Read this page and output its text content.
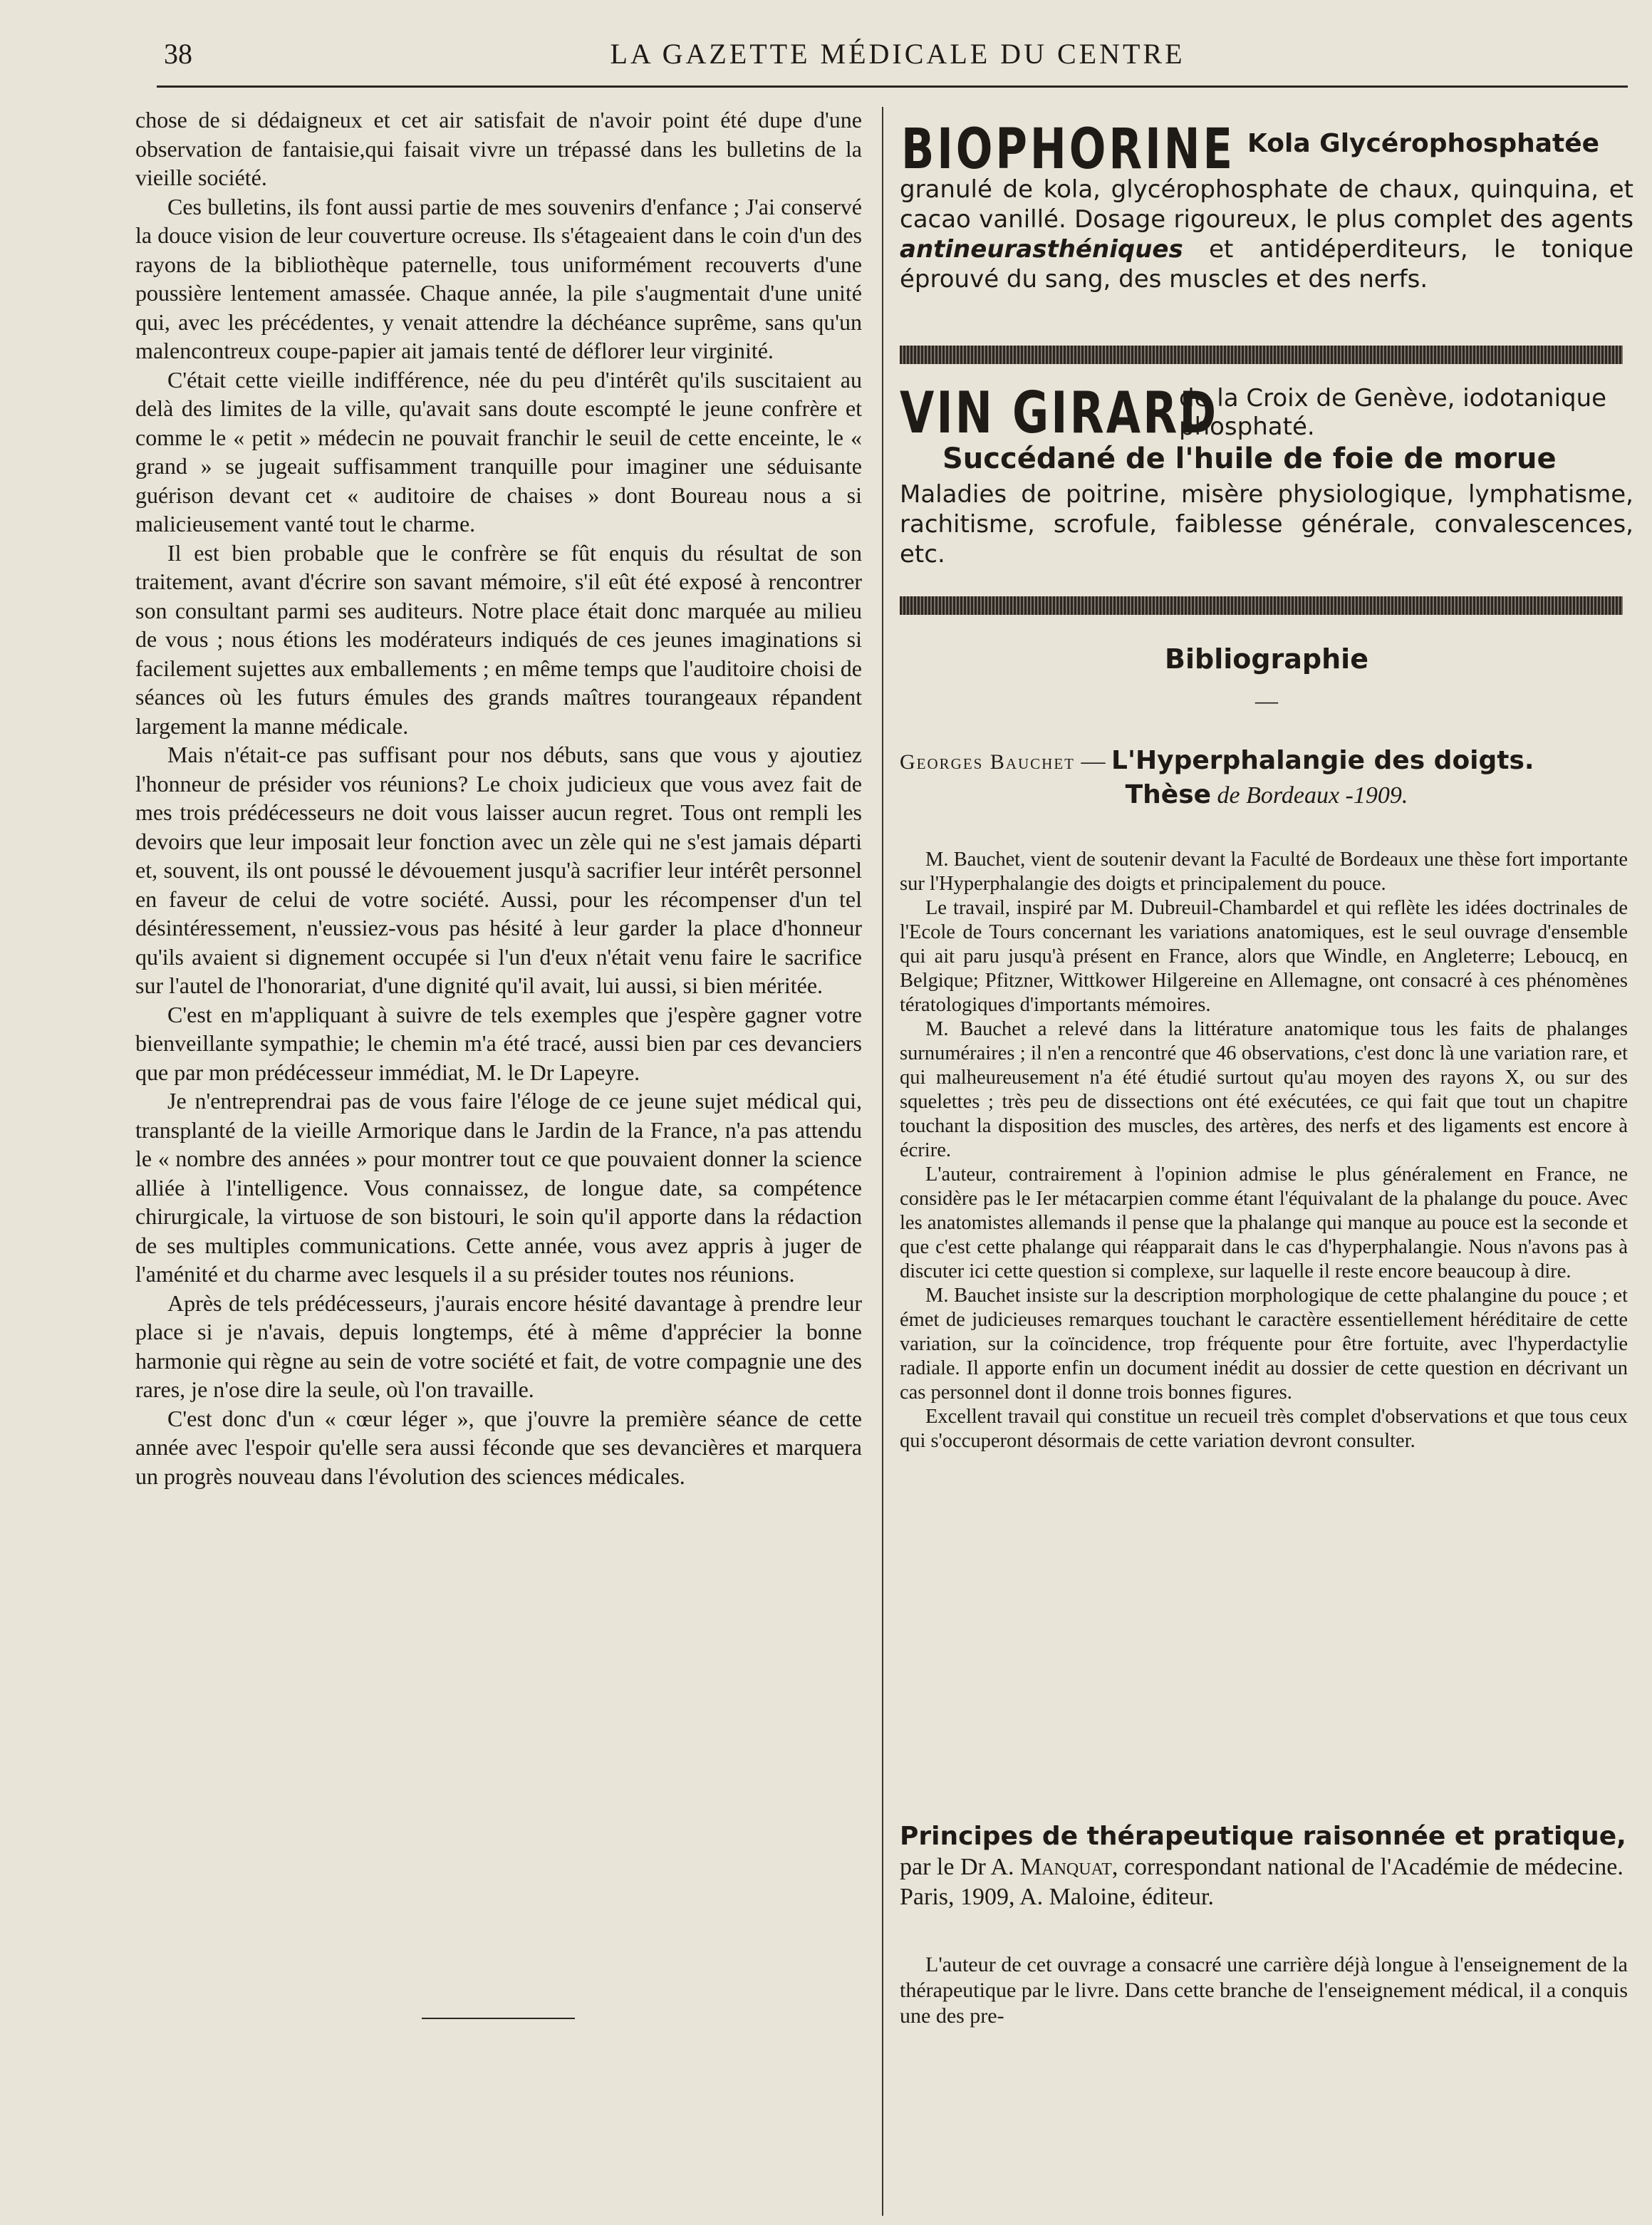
38	LA GAZETTE MÉDICALE DU CENTRE

chose de si dédaigneux et cet air satisfait de n'avoir point été dupe d'une observation de fantaisie,qui faisait vivre un trépassé dans les bulletins de la vieille société.

Ces bulletins, ils font aussi partie de mes souvenirs d'enfance ; J'ai conservé la douce vision de leur couverture ocreuse. Ils s'étageaient dans le coin d'un des rayons de la bibliothèque paternelle, tous uniformément recouverts d'une poussière lentement amassée. Chaque année, la pile s'augmentait d'une unité qui, avec les précédentes, y venait attendre la déchéance suprême, sans qu'un malencontreux coupe-papier ait jamais tenté de déflorer leur virginité.

C'était cette vieille indifférence, née du peu d'intérêt qu'ils suscitaient au delà des limites de la ville, qu'avait sans doute escompté le jeune confrère et comme le « petit » médecin ne pouvait franchir le seuil de cette enceinte, le « grand » se jugeait suffisamment tranquille pour imaginer une séduisante guérison devant cet « auditoire de chaises » dont Boureau nous a si malicieusement vanté tout le charme.

Il est bien probable que le confrère se fût enquis du résultat de son traitement, avant d'écrire son savant mémoire, s'il eût été exposé à rencontrer son consultant parmi ses auditeurs. Notre place était donc marquée au milieu de vous ; nous étions les modérateurs indiqués de ces jeunes imaginations si facilement sujettes aux emballements ; en même temps que l'auditoire choisi de séances où les futurs émules des grands maîtres tourangeaux répandent largement la manne médicale.

Mais n'était-ce pas suffisant pour nos débuts, sans que vous y ajoutiez l'honneur de présider vos réunions? Le choix judicieux que vous avez fait de mes trois prédécesseurs ne doit vous laisser aucun regret. Tous ont rempli les devoirs que leur imposait leur fonction avec un zèle qui ne s'est jamais départi et, souvent, ils ont poussé le dévouement jusqu'à sacrifier leur intérêt personnel en faveur de celui de votre société. Aussi, pour les récompenser d'un tel désintéressement, n'eussiez-vous pas hésité à leur garder la place d'honneur qu'ils avaient si dignement occupée si l'un d'eux n'était venu faire le sacrifice sur l'autel de l'honorariat, d'une dignité qu'il avait, lui aussi, si bien méritée.

C'est en m'appliquant à suivre de tels exemples que j'espère gagner votre bienveillante sympathie; le chemin m'a été tracé, aussi bien par ces devanciers que par mon prédécesseur immédiat, M. le Dr Lapeyre.

Je n'entreprendrai pas de vous faire l'éloge de ce jeune sujet médical qui, transplanté de la vieille Armorique dans le Jardin de la France, n'a pas attendu le « nombre des années » pour montrer tout ce que pouvaient donner la science alliée à l'intelligence. Vous connaissez, de longue date, sa compétence chirurgicale, la virtuose de son bistouri, le soin qu'il apporte dans la rédaction de ses multiples communications. Cette année, vous avez appris à juger de l'aménité et du charme avec lesquels il a su présider toutes nos réunions.

Après de tels prédécesseurs, j'aurais encore hésité davantage à prendre leur place si je n'avais, depuis longtemps, été à même d'apprécier la bonne harmonie qui règne au sein de votre société et fait, de votre compagnie une des rares, je n'ose dire la seule, où l'on travaille.

C'est donc d'un « cœur léger », que j'ouvre la première séance de cette année avec l'espoir qu'elle sera aussi féconde que ses devancières et marquera un progrès nouveau dans l'évolution des sciences médicales.

BIOPHORINE Kola Glycérophosphatée
granulé de kola, glycérophosphate de chaux, quinquina, et cacao vanillé. Dosage rigoureux, le plus complet des agents antineurasthéniques et antidéperditeurs, le tonique éprouvé du sang, des muscles et des nerfs.
VIN GIRARD
de la Croix de Genève, iodotanique phosphaté.
Succédané de l'huile de foie de morue
Maladies de poitrine, misère physiologique, lymphatisme, rachitisme, scrofule, faiblesse générale, convalescences, etc.
Bibliographie
—
Georges Bauchet — L'Hyperphalangie des doigts.
Thèse de Bordeaux -1909.

M. Bauchet, vient de soutenir devant la Faculté de Bordeaux une thèse fort importante sur l'Hyperphalangie des doigts et principalement du pouce.

Le travail, inspiré par M. Dubreuil-Chambardel et qui reflète les idées doctrinales de l'Ecole de Tours concernant les variations anatomiques, est le seul ouvrage d'ensemble qui ait paru jusqu'à présent en France, alors que Windle, en Angleterre; Leboucq, en Belgique; Pfitzner, Wittkower Hilgereine en Allemagne, ont consacré à ces phénomènes tératologiques d'importants mémoires.

M. Bauchet a relevé dans la littérature anatomique tous les faits de phalanges surnuméraires ; il n'en a rencontré que 46 observations, c'est donc là une variation rare, et qui malheureusement n'a été étudié surtout qu'au moyen des rayons X, ou sur des squelettes ; très peu de dissections ont été exécutées, ce qui fait que tout un chapitre touchant la disposition des muscles, des artères, des nerfs et des ligaments est encore à écrire.

L'auteur, contrairement à l'opinion admise le plus généralement en France, ne considère pas le Ier métacarpien comme étant l'équivalant de la phalange du pouce. Avec les anatomistes allemands il pense que la phalange qui manque au pouce est la seconde et que c'est cette phalange qui réapparait dans le cas d'hyperphalangie. Nous n'avons pas à discuter ici cette question si complexe, sur laquelle il reste encore beaucoup à dire.

M. Bauchet insiste sur la description morphologique de cette phalangine du pouce ; et émet de judicieuses remarques touchant le caractère essentiellement héréditaire de cette variation, sur la coïncidence, trop fréquente pour être fortuite, avec l'hyperdactylie radiale. Il apporte enfin un document inédit au dossier de cette question en décrivant un cas personnel dont il donne trois bonnes figures.

Excellent travail qui constitue un recueil très complet d'observations et que tous ceux qui s'occuperont désormais de cette variation devront consulter.

Principes de thérapeutique raisonnée et pratique, par le Dr A. Manquat, correspondant national de l'Académie de médecine. Paris, 1909, A. Maloine, éditeur.

L'auteur de cet ouvrage a consacré une carrière déjà longue à l'enseignement de la thérapeutique par le livre. Dans cette branche de l'enseignement médical, il a conquis une des pre-
